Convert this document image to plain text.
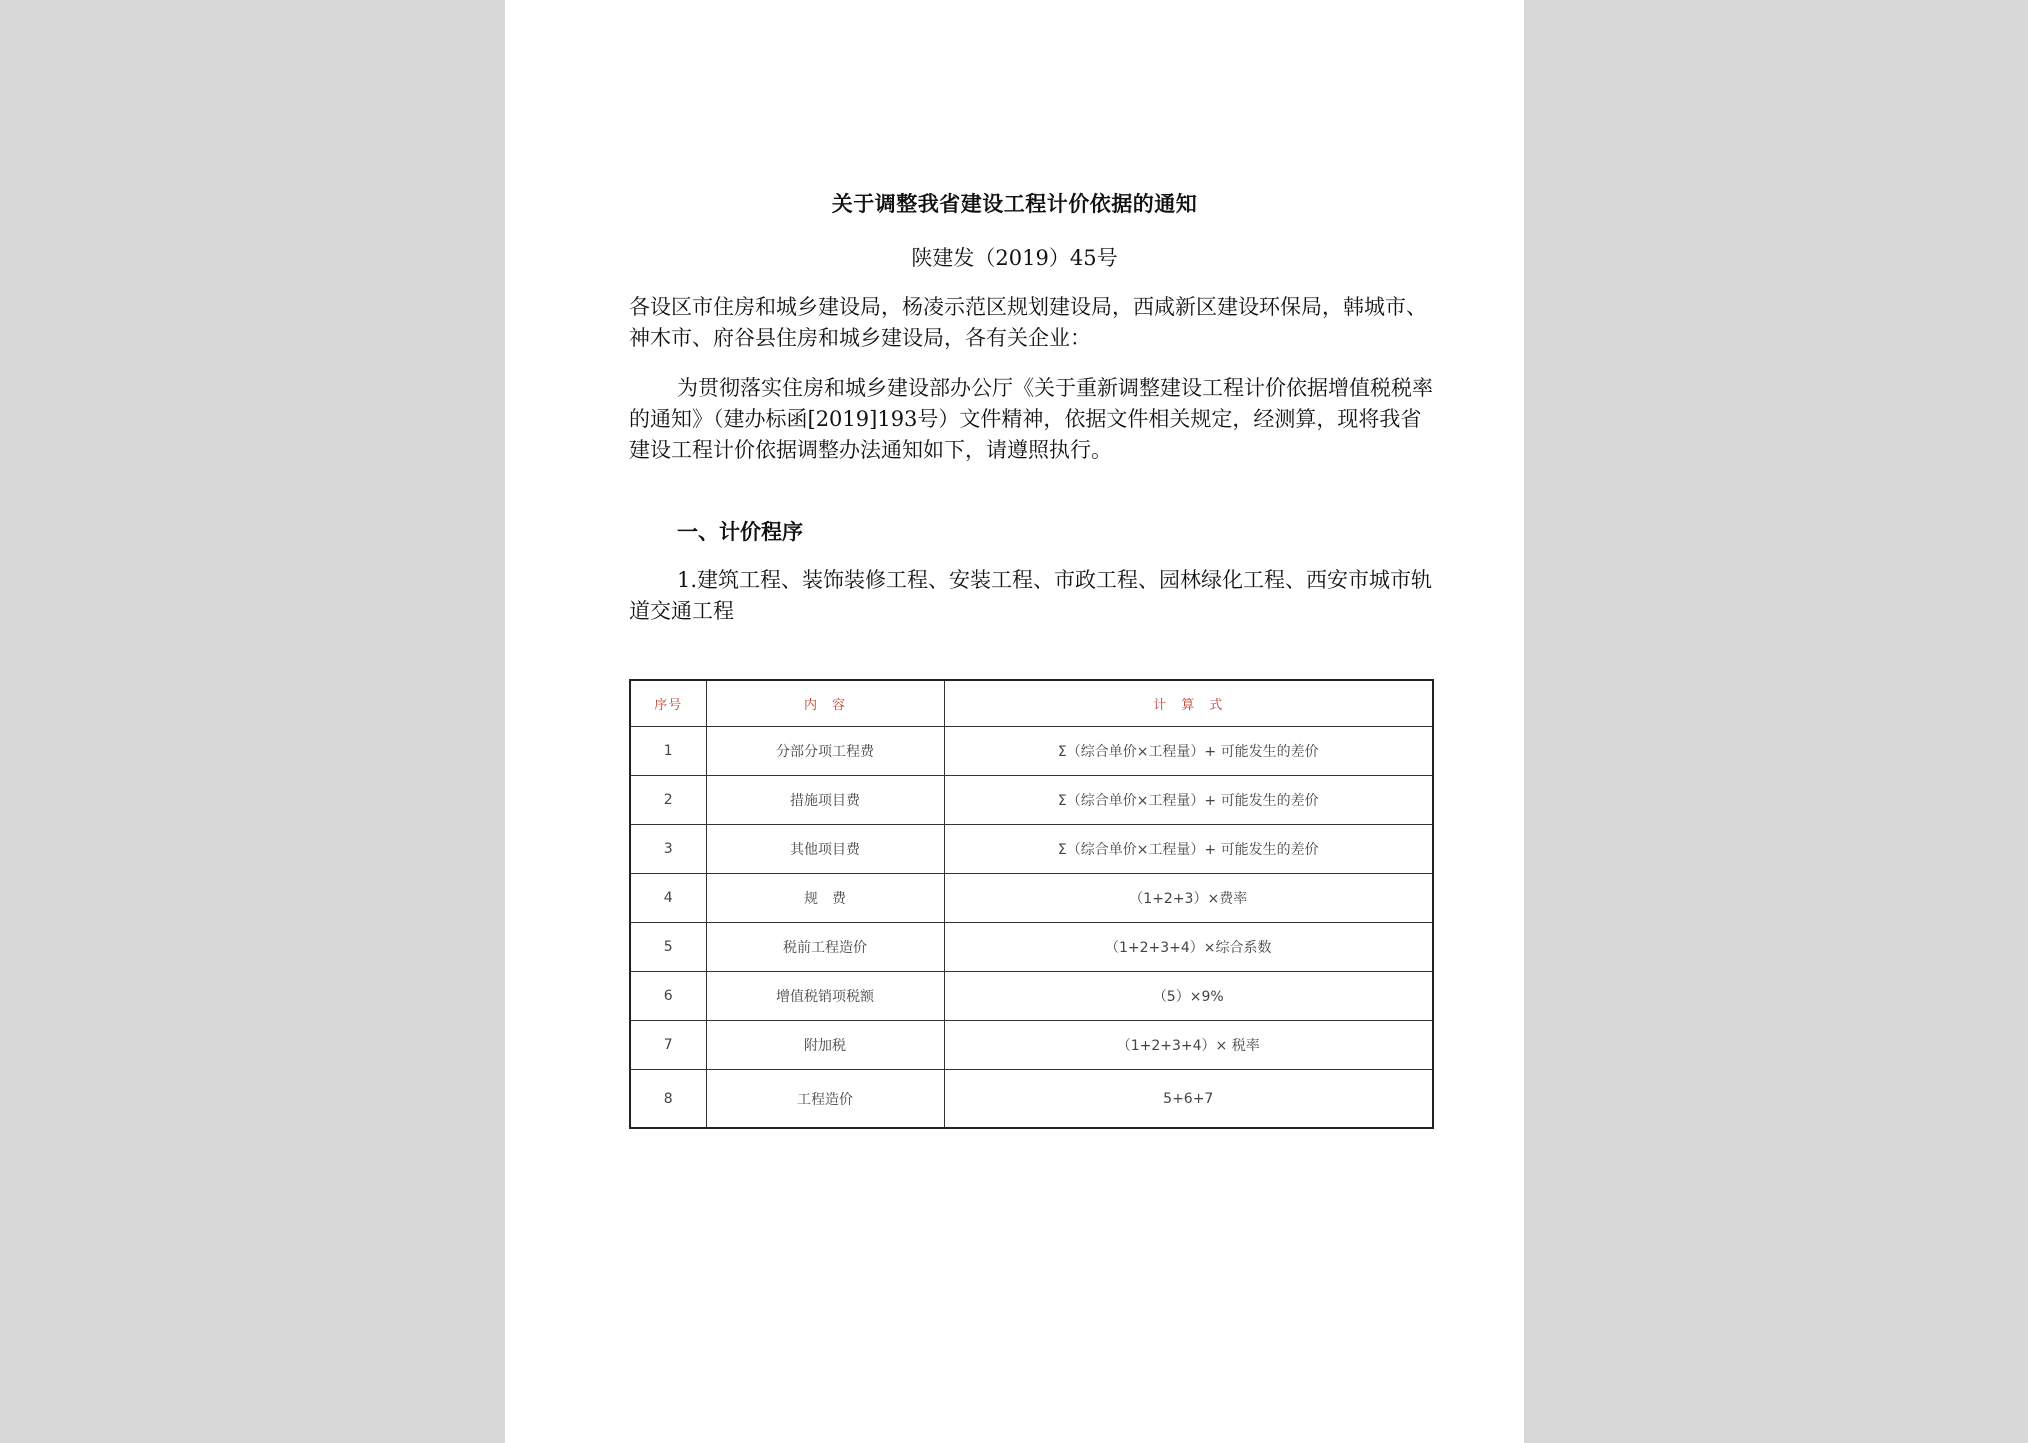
关于调整我省建设工程计价依据的通知
陕建发（2019）45号

各设区市住房和城乡建设局，杨凌示范区规划建设局，西咸新区建设环保局，韩城市、神木市、府谷县住房和城乡建设局，各有关企业：

为贯彻落实住房和城乡建设部办公厅《关于重新调整建设工程计价依据增值税税率的通知》（建办标函[2019]193号）文件精神，依据文件相关规定，经测算，现将我省建设工程计价依据调整办法通知如下，请遵照执行。

一、计价程序

1.建筑工程、装饰装修工程、安装工程、市政工程、园林绿化工程、西安市城市轨道交通工程

序号	内　容	计　算　式
1	分部分项工程费	Σ（综合单价×工程量）+ 可能发生的差价
2	措施项目费	Σ（综合单价×工程量）+ 可能发生的差价
3	其他项目费	Σ（综合单价×工程量）+ 可能发生的差价
4	规　费	（1+2+3）×费率
5	税前工程造价	（1+2+3+4）×综合系数
6	增值税销项税额	（5）×9%
7	附加税	（1+2+3+4）× 税率
8	工程造价	5+6+7
